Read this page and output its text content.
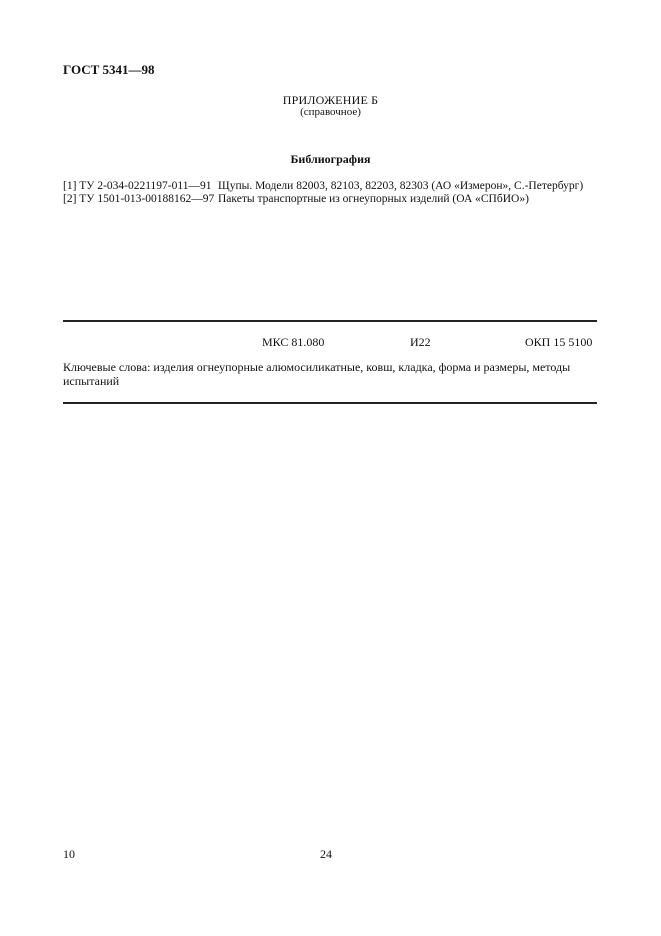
ГОСТ 5341—98
ПРИЛОЖЕНИЕ Б
(справочное)
Библиография
[1] ТУ 2-034-0221197-011—91 Щупы. Модели 82003, 82103, 82203, 82303 (АО «Измерон», С.-Петербург)
[2] ТУ 1501-013-00188162—97 Пакеты транспортные из огнеупорных изделий (ОА «СПбИО»)
МКС 81.080	И22	ОКП 15 5100
Ключевые слова: изделия огнеупорные алюмосиликатные, ковш, кладка, форма и размеры, методы испытаний
10	24
